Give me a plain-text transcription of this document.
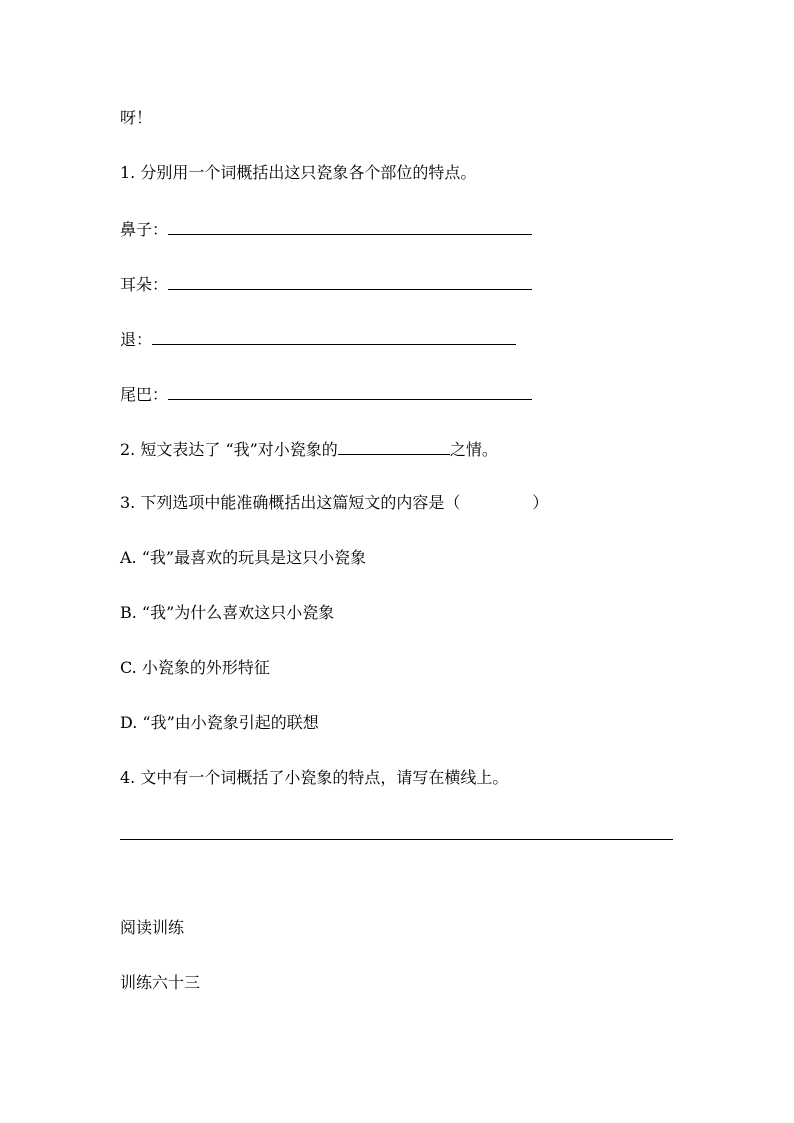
呀！
1. 分别用一个词概括出这只瓷象各个部位的特点。
鼻子：
耳朵：
退：
尾巴：
2. 短文表达了 “我”对小瓷象的	之情。
3. 下列选项中能准确概括出这篇短文的内容是（	）
A. “我”最喜欢的玩具是这只小瓷象
B. “我”为什么喜欢这只小瓷象
C. 小瓷象的外形特征
D. “我”由小瓷象引起的联想
4. 文中有一个词概括了小瓷象的特点，请写在横线上。
阅读训练
训练六十三
